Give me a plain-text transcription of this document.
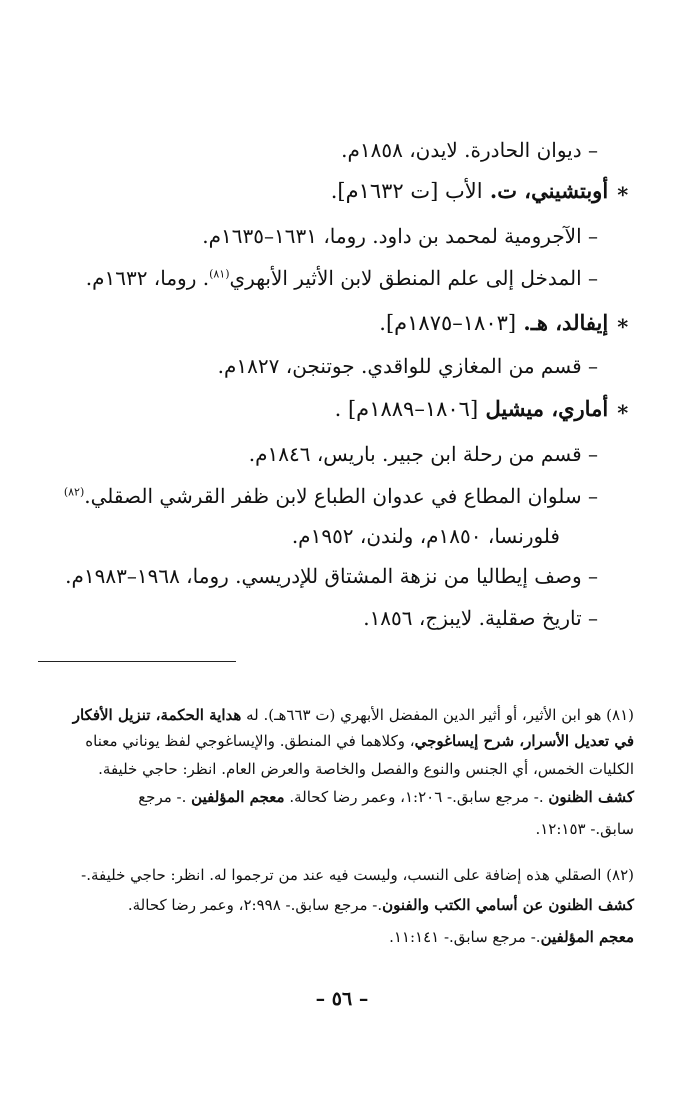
– ديوان الحادرة. لايدن، ١٨٥٨م.
∗ أوبتشيني، ت. الأب [ت ١٦٣٢م].
– الآجرومية لمحمد بن داود. روما، ١٦٣١–١٦٣٥م.
– المدخل إلى علم المنطق لابن الأثير الأبهري$^{(٨١)}$. روما، ١٦٣٢م.
∗ إيفالد، هـ. [١٨٠٣–١٨٧٥م].
– قسم من المغازي للواقدي. جوتنجن، ١٨٢٧م.
∗ أماري، ميشيل [١٨٠٦–١٨٨٩م] .
– قسم من رحلة ابن جبير. باريس، ١٨٤٦م.
– سلوان المطاع في عدوان الطباع لابن ظفر القرشي الصقلي.$^{(٨٢)}$
فلورنسا، ١٨٥٠م، ولندن، ١٩٥٢م.
– وصف إيطاليا من نزهة المشتاق للإدريسي. روما، ١٩٦٨–١٩٨٣م.
– تاريخ صقلية. لايبزج، ١٨٥٦.
(٨١) هو ابن الأثير، أو أثير الدين المفضل الأبهري (ت ٦٦٣هـ). له هداية الحكمة، تنزيل الأفكار
في تعديل الأسرار، شرح إيساغوجي، وكلاهما في المنطق. والإيساغوجي لفظ يوناني معناه
الكليات الخمس، أي الجنس والنوع والفصل والخاصة والعرض العام. انظر: حاجي خليفة.
كشف الظنون .- مرجع سابق.- ١:٢٠٦، وعمر رضا كحالة. معجم المؤلفين .- مرجع
سابق.- ١٢:١٥٣.
(٨٢) الصقلي هذه إضافة على النسب، وليست فيه عند من ترجموا له. انظر: حاجي خليفة.-
كشف الظنون عن أسامي الكتب والفنون.- مرجع سابق.- ٢:٩٩٨، وعمر رضا كحالة.
معجم المؤلفين.- مرجع سابق.- ١١:١٤١.
– ٥٦ –
